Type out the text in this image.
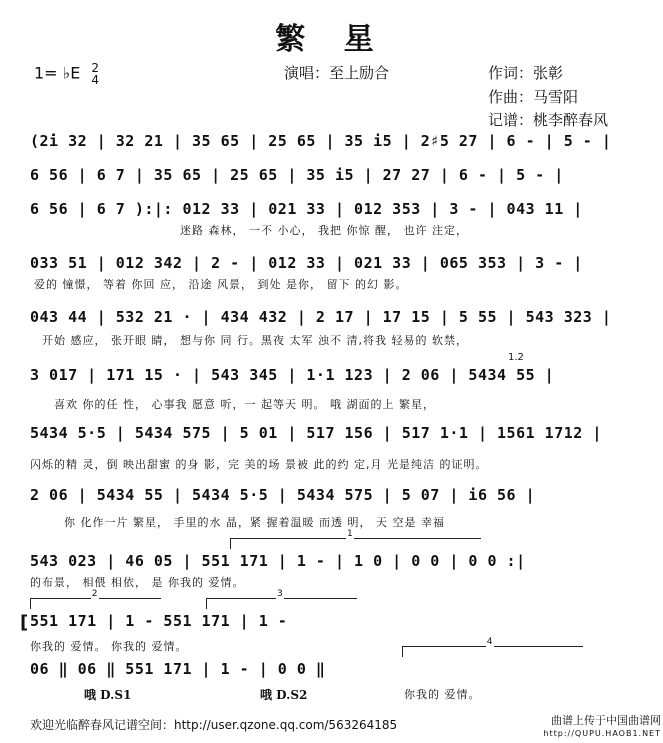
繁 星
1= ♭E 2
4	演唱：至上励合	作词：张彰
作曲：马雪阳
记谱：桃李醉春风
(2̇i 32 | 32 21 | 35 65 | 25 65 | 35 i5 | 2♯5 27 | 6 - | 5 - |
6 56 | 6 7 | 35 65 | 25 65 | 35 i5 | 27 27 | 6 - | 5 - |
6 56 | 6 7 ):|: 012 33 | 021 33 | 012 353 | 3 - | 043 11 |
迷路 森林， 一不 小心， 我把 你惊 醒， 也许 注定，
033 51 | 012 342 | 2 - | 012 33 | 021 33 | 065 353 | 3 - |
爱的 憧憬， 等着 你回 应， 沿途 风景， 到处 是你， 留下 的幻 影。
043 44 | 532 21 · | 434 432 | 2 17 | 17 15 | 5 55 | 543 323 |
开始 感应， 张开眼 睛， 想与你 同 行。黑夜 太军 浊不 清,将我 轻易的 软禁，
3 017 | 171 15 · | 543 345 | 1·1 123 | 2 06 | 5434 55 |
喜欢 你的任 性， 心事我 愿意 听，一 起等天 明。 哦 湖面的上 繁星，
1.2
5434 5·5 | 5434 575 | 5 01 | 517 156 | 517 1·1 | 1561 1712 |
闪烁的精 灵，倒 映出甜蜜 的身 影，完 美的场 景被 此的约 定,月 光是纯洁 的证明。
2 06 | 5434 55 | 5434 5·5 | 5434 575 | 5 07 | i6 56 |
你 化作一片 繁星， 手里的水 晶，紧 握着温暖 而透 明， 天 空是 幸福
1
543 023 | 46 05 | 551 171 | 1 - | 1 0 | 0 0 | 0 0 :|
的布景， 相偎 相依， 是 你我的 爱情。
[
2	3
551 171 | 1 - 551 171 | 1 -
你我的 爱情。 你我的 爱情。	4
06 ‖ 06 ‖ 551 171 | 1 - | 0 0 ‖
哦 D.S1	哦 D.S2	你我的 爱情。
欢迎光临醉春风记谱空间：http://user.qzone.qq.com/563264185	曲谱上传于中国曲谱网
http://QUPU.HAOB1.NET
